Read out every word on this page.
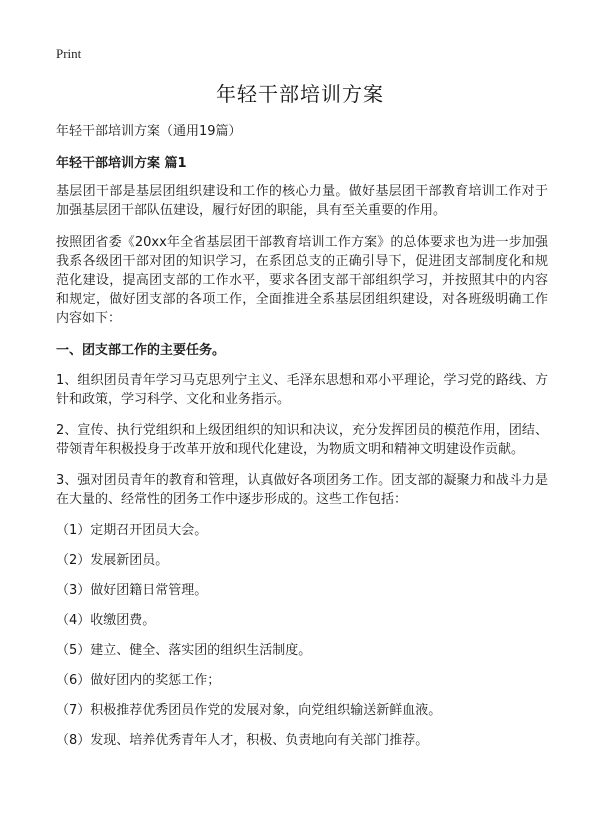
Print
年轻干部培训方案

年轻干部培训方案（通用19篇）

年轻干部培训方案 篇1

基层团干部是基层团组织建设和工作的核心力量。做好基层团干部教育培训工作对于加强基层团干部队伍建设，履行好团的职能，具有至关重要的作用。

按照团省委《20xx年全省基层团干部教育培训工作方案》的总体要求也为进一步加强我系各级团干部对团的知识学习，在系团总支的正确引导下，促进团支部制度化和规范化建设，提高团支部的工作水平，要求各团支部干部组织学习，并按照其中的内容和规定，做好团支部的各项工作，全面推进全系基层团组织建设，对各班级明确工作内容如下：

一、团支部工作的主要任务。

1、组织团员青年学习马克思列宁主义、毛泽东思想和邓小平理论，学习党的路线、方针和政策，学习科学、文化和业务指示。

2、宣传、执行党组织和上级团组织的知识和决议，充分发挥团员的模范作用，团结、带领青年积极投身于改革开放和现代化建设，为物质文明和精神文明建设作贡献。

3、强对团员青年的教育和管理，认真做好各项团务工作。团支部的凝聚力和战斗力是在大量的、经常性的团务工作中逐步形成的。这些工作包括：

（1）定期召开团员大会。

（2）发展新团员。

（3）做好团籍日常管理。

（4）收缴团费。

（5）建立、健全、落实团的组织生活制度。

（6）做好团内的奖惩工作；

（7）积极推荐优秀团员作党的发展对象，向党组织输送新鲜血液。

（8）发现、培养优秀青年人才，积极、负责地向有关部门推荐。
